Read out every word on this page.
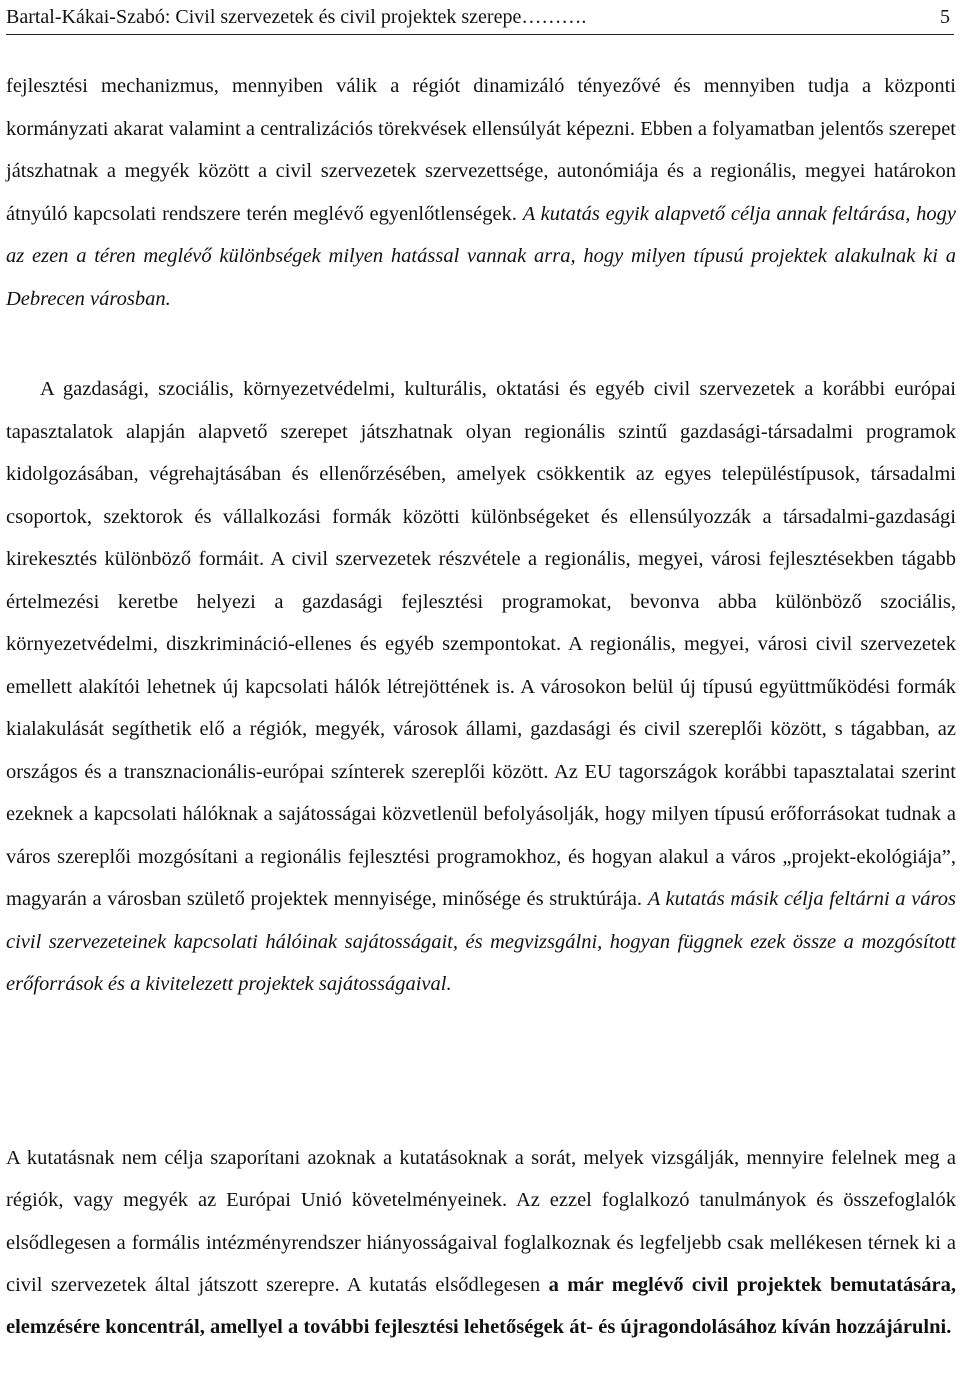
Bartal-Kákai-Szabó: Civil szervezetek és civil projektek szerepe……….	5

fejlesztési mechanizmus, mennyiben válik a régiót dinamizáló tényezővé és mennyiben tudja a központi kormányzati akarat valamint a centralizációs törekvések ellensúlyát képezni. Ebben a folyamatban jelentős szerepet játszhatnak a megyék között a civil szervezetek szervezettsége, autonómiája és a regionális, megyei határokon átnyúló kapcsolati rendszere terén meglévő egyenlőtlenségek. A kutatás egyik alapvető célja annak feltárása, hogy az ezen a téren meglévő különbségek milyen hatással vannak arra, hogy milyen típusú projektek alakulnak ki a Debrecen városban.

A gazdasági, szociális, környezetvédelmi, kulturális, oktatási és egyéb civil szervezetek a korábbi európai tapasztalatok alapján alapvető szerepet játszhatnak olyan regionális szintű gazdasági-társadalmi programok kidolgozásában, végrehajtásában és ellenőrzésében, amelyek csökkentik az egyes településtípusok, társadalmi csoportok, szektorok és vállalkozási formák közötti különbségeket és ellensúlyozzák a társadalmi-gazdasági kirekesztés különböző formáit. A civil szervezetek részvétele a regionális, megyei, városi fejlesztésekben tágabb értelmezési keretbe helyezi a gazdasági fejlesztési programokat, bevonva abba különböző szociális, környezetvédelmi, diszkrimináció-ellenes és egyéb szempontokat. A regionális, megyei, városi civil szervezetek emellett alakítói lehetnek új kapcsolati hálók létrejöttének is. A városokon belül új típusú együttműködési formák kialakulását segíthetik elő a régiók, megyék, városok állami, gazdasági és civil szereplői között, s tágabban, az országos és a transznacionális-európai színterek szereplői között. Az EU tagországok korábbi tapasztalatai szerint ezeknek a kapcsolati hálóknak a sajátosságai közvetlenül befolyásolják, hogy milyen típusú erőforrásokat tudnak a város szereplői mozgósítani a regionális fejlesztési programokhoz, és hogyan alakul a város „projekt-ekológiája”, magyarán a városban születő projektek mennyisége, minősége és struktúrája. A kutatás másik célja feltárni a város civil szervezeteinek kapcsolati hálóinak sajátosságait, és megvizsgálni, hogyan függnek ezek össze a mozgósított erőforrások és a kivitelezett projektek sajátosságaival.

A kutatásnak nem célja szaporítani azoknak a kutatásoknak a sorát, melyek vizsgálják, mennyire felelnek meg a régiók, vagy megyék az Európai Unió követelményeinek. Az ezzel foglalkozó tanulmányok és összefoglalók elsődlegesen a formális intézményrendszer hiányosságaival foglalkoznak és legfeljebb csak mellékesen térnek ki a civil szervezetek által játszott szerepre. A kutatás elsődlegesen a már meglévő civil projektek bemutatására, elemzésére koncentrál, amellyel a további fejlesztési lehetőségek át- és újragondolásához kíván hozzájárulni.
